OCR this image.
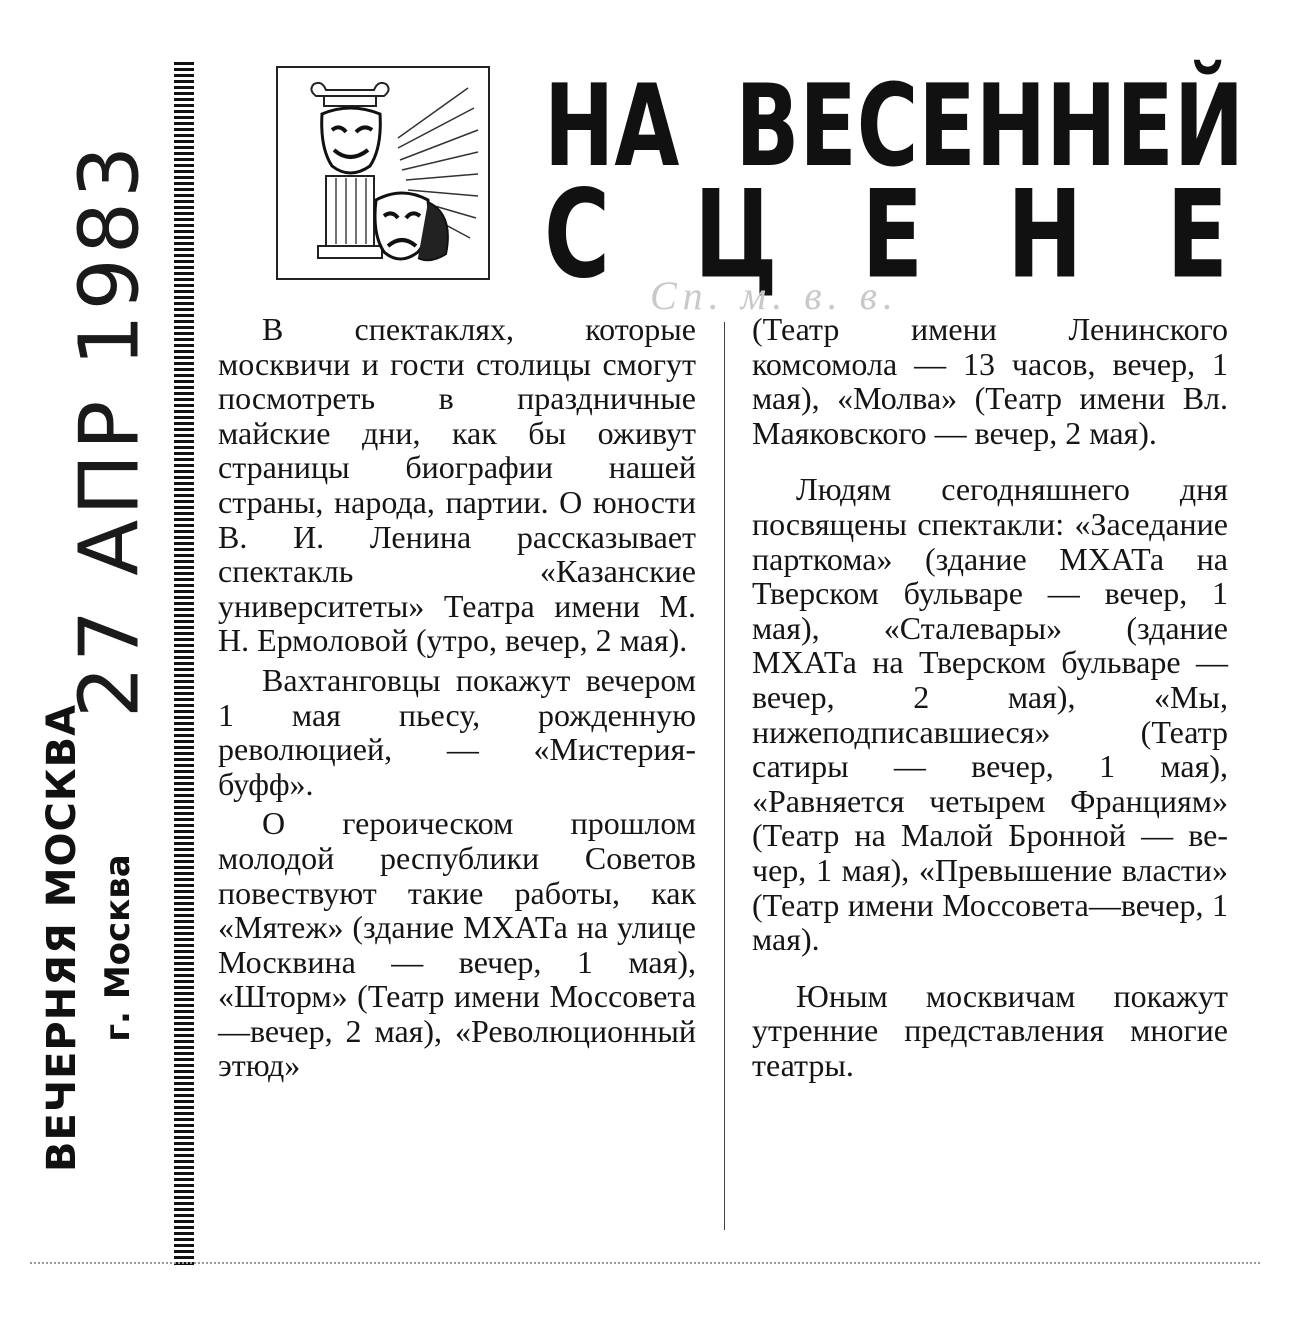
27 АПР 1983
ВЕЧЕРНЯЯ МОСКВА г. Москва
Н А В Е С Е Н Н Е Й
С Ц Е Н Е
Сп. м. в. в.

В спектаклях, которые москвичи и гости столицы смогут посмотреть в праздничные майские дни, как бы оживут страницы биографии нашей страны, народа, партии. О юности В. И. Ленина рассказывает спектакль «Казанские университеты» Театра имени М. Н. Ермоловой (утро, вечер, 2 мая).

Вахтанговцы покажут вечером 1 мая пьесу, рожденную революцией, — «Мистерия-буфф».

О героическом прошлом молодой республики Советов повествуют такие работы, как «Мятеж» (здание МХАТа на улице Москвина — вечер, 1 мая), «Шторм» (Театр имени Моссовета—вечер, 2 мая), «Революционный этюд»

(Театр имени Ленинского комсомола — 13 часов, вечер, 1 мая), «Молва» (Театр имени Вл. Маяковского — вечер, 2 мая).

Людям сегодняшнего дня посвящены спектакли: «Заседание парткома» (здание МХАТа на Тверском бульваре — вечер, 1 мая), «Сталевары» (здание МХАТа на Тверском бульваре — вечер, 2 мая), «Мы, нижеподписавшиеся» (Театр сатиры — вечер, 1 мая), «Равняется четырем Франциям» (Театр на Малой Бронной — вечер, 1 мая), «Превышение власти» (Театр имени Моссовета—вечер, 1 мая).

Юным москвичам покажут утренние представления многие театры.
